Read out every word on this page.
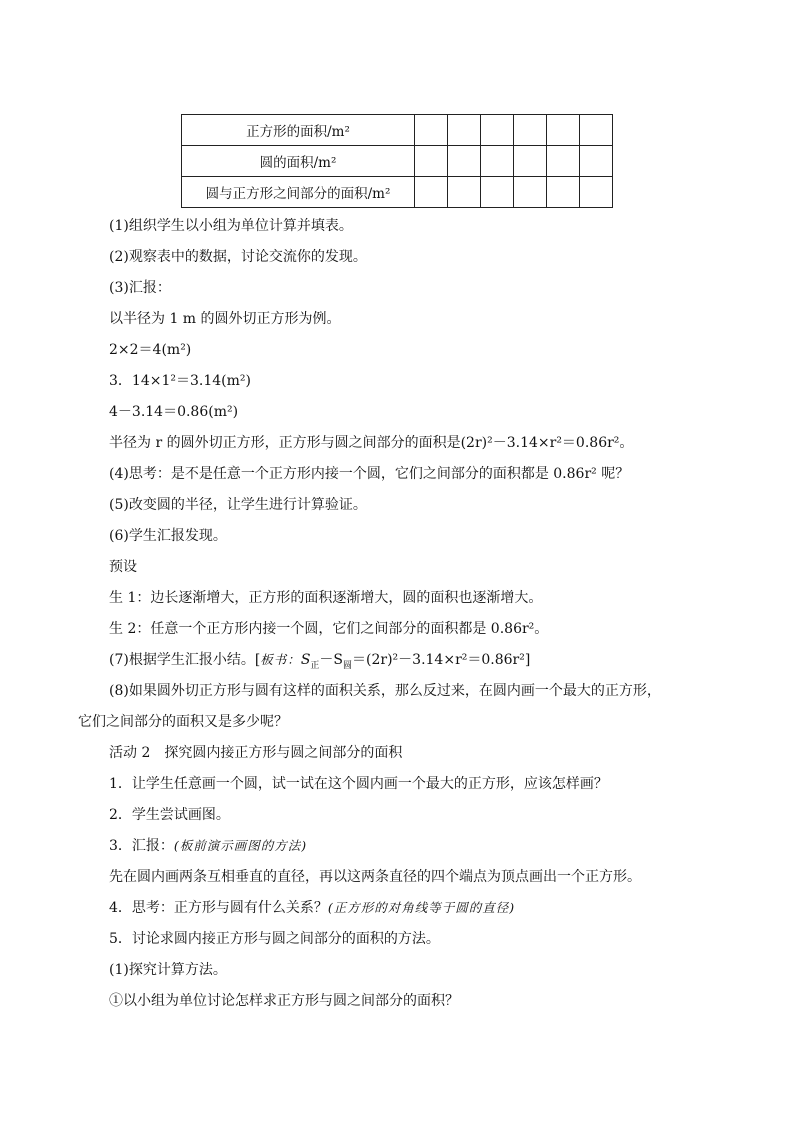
正方形的面积/m²						
圆的面积/m²						
圆与正方形之间部分的面积/m²						
(1)组织学生以小组为单位计算并填表。
(2)观察表中的数据，讨论交流你的发现。
(3)汇报：
以半径为 1 m 的圆外切正方形为例。
2×2＝4(m²)
3．14×1²＝3.14(m²)
4－3.14＝0.86(m²)
半径为 r 的圆外切正方形，正方形与圆之间部分的面积是(2r)²－3.14×r²＝0.86r²。
(4)思考：是不是任意一个正方形内接一个圆，它们之间部分的面积都是 0.86r² 呢？
(5)改变圆的半径，让学生进行计算验证。
(6)学生汇报发现。
预设
生 1：边长逐渐增大，正方形的面积逐渐增大，圆的面积也逐渐增大。
生 2：任意一个正方形内接一个圆，它们之间部分的面积都是 0.86r²。
(7)根据学生汇报小结。[板书：$S_正-S_圆=(2r)^2-3.14\times r^2=0.86r^2$]
(8)如果圆外切正方形与圆有这样的面积关系，那么反过来，在圆内画一个最大的正方形，
它们之间部分的面积又是多少呢？
活动 2　探究圆内接正方形与圆之间部分的面积
1．让学生任意画一个圆，试一试在这个圆内画一个最大的正方形，应该怎样画？
2．学生尝试画图。
3．汇报：(板前演示画图的方法)
先在圆内画两条互相垂直的直径，再以这两条直径的四个端点为顶点画出一个正方形。
4．思考：正方形与圆有什么关系？(正方形的对角线等于圆的直径)
5．讨论求圆内接正方形与圆之间部分的面积的方法。
(1)探究计算方法。
①以小组为单位讨论怎样求正方形与圆之间部分的面积？
